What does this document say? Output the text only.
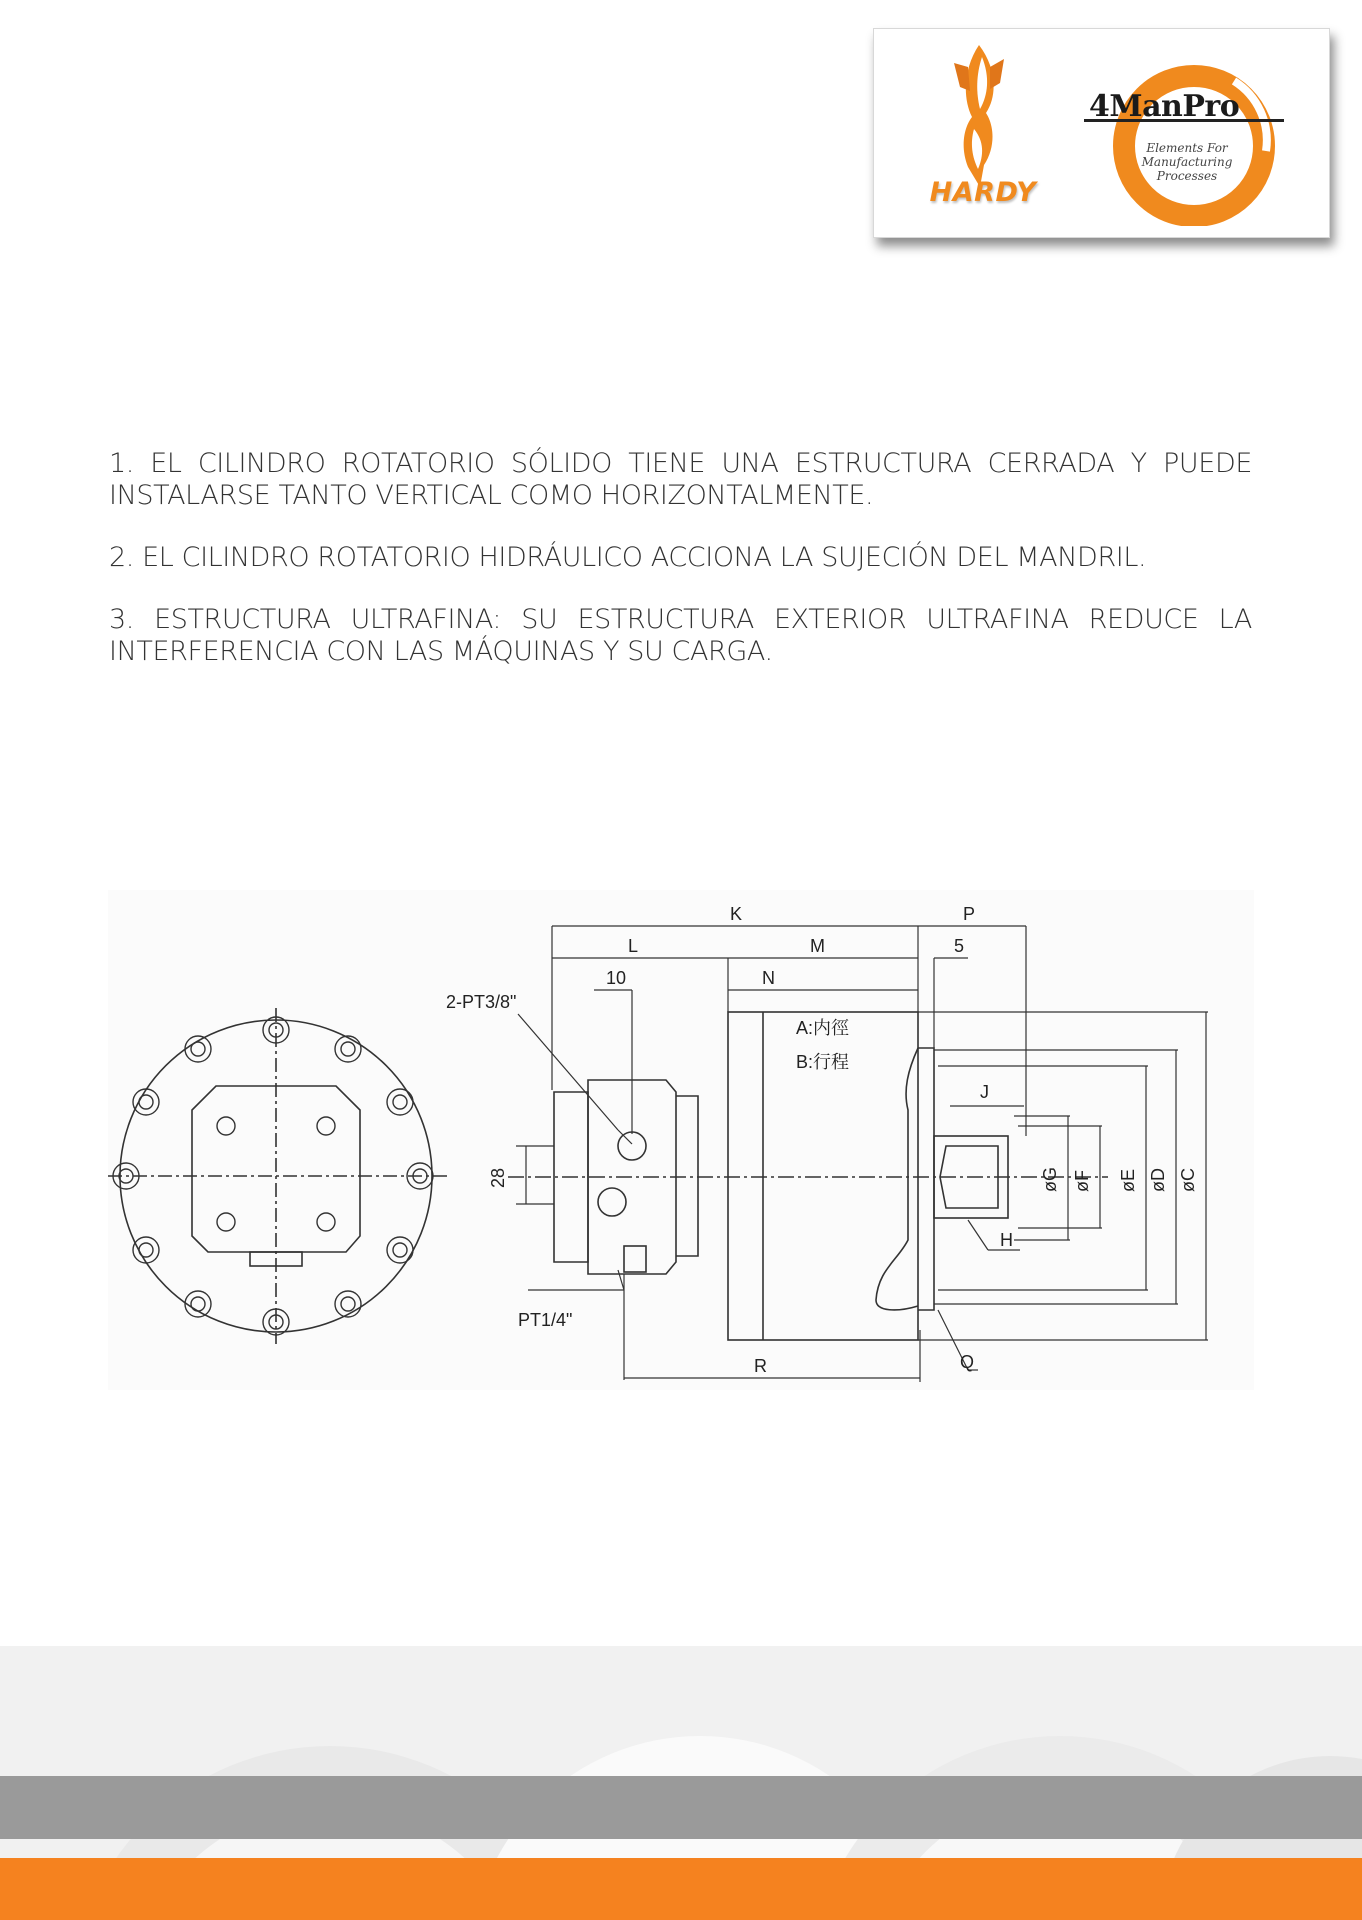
HARDY
4ManPro
Elements For Manufacturing Processes

1. EL CILINDRO ROTATORIO SÓLIDO TIENE UNA ESTRUCTURA CERRADA Y PUEDE INSTALARSE TANTO VERTICAL COMO HORIZONTALMENTE.

2. EL CILINDRO ROTATORIO HIDRÁULICO ACCIONA LA SUJECIÓN DEL MANDRIL.

3. ESTRUCTURA ULTRAFINA: SU ESTRUCTURA EXTERIOR ULTRAFINA REDUCE LA INTERFERENCIA CON LAS MÁQUINAS Y SU CARGA.

K	P
L	M	5
10	N
2-PT3/8"
A:内徑
B:行程
J
28	øG øF øE øD øC
H
PT1/4"
R	Q
